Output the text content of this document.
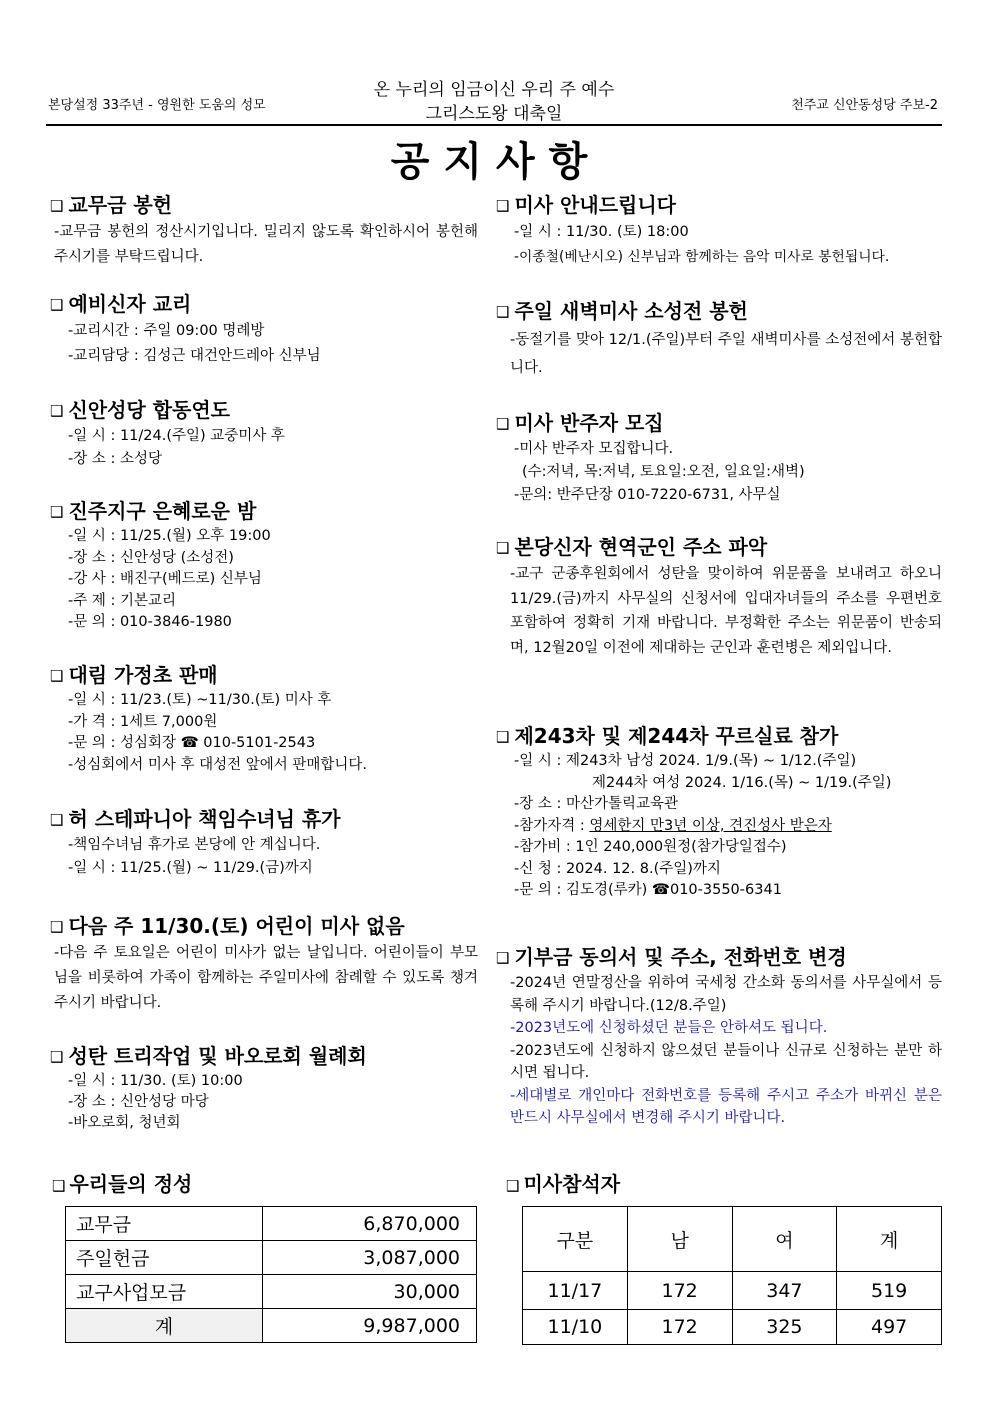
본당설정 33주년 - 영원한 도움의 성모
온 누리의 임금이신 우리 주 예수
그리스도왕 대축일	천주교 신안동성당 주보-2
공지사항
❑ 교무금 봉헌
-교무금 봉헌의 정산시기입니다. 밀리지 않도록 확인하시어 봉헌해 주시기를 부탁드립니다.
❑ 예비신자 교리
-교리시간 : 주일 09:00 명례방
-교리담당 : 김성근 대건안드레아 신부님
❑ 신안성당 합동연도
-일 시 : 11/24.(주일) 교중미사 후
-장 소 : 소성당
❑ 진주지구 은혜로운 밤
-일 시 : 11/25.(월) 오후 19:00
-장 소 : 신안성당 (소성전)
-강 사 : 배진구(베드로) 신부님
-주 제 : 기본교리
-문 의 : 010-3846-1980
❑ 대림 가정초 판매
-일 시 : 11/23.(토) ~11/30.(토) 미사 후
-가 격 : 1세트 7,000원
-문 의 : 성심회장 ☎ 010-5101-2543
-성심회에서 미사 후 대성전 앞에서 판매합니다.
❑ 허 스테파니아 책임수녀님 휴가
-책임수녀님 휴가로 본당에 안 계십니다.
-일 시 : 11/25.(월) ~ 11/29.(금)까지
❑ 다음 주 11/30.(토) 어린이 미사 없음
-다음 주 토요일은 어린이 미사가 없는 날입니다. 어린이들이 부모님을 비롯하여 가족이 함께하는 주일미사에 참례할 수 있도록 챙겨주시기 바랍니다.
❑ 성탄 트리작업 및 바오로회 월례회
-일 시 : 11/30. (토) 10:00
-장 소 : 신안성당 마당
-바오로회, 청년회
❑ 미사 안내드립니다
-일 시 : 11/30. (토) 18:00
-이종철(베난시오) 신부님과 함께하는 음악 미사로 봉헌됩니다.
❑ 주일 새벽미사 소성전 봉헌
-동절기를 맞아 12/1.(주일)부터 주일 새벽미사를 소성전에서 봉헌합니다.
❑ 미사 반주자 모집
-미사 반주자 모집합니다.
(수:저녁, 목:저녁, 토요일:오전, 일요일:새벽)
-문의: 반주단장 010-7220-6731, 사무실
❑ 본당신자 현역군인 주소 파악
-교구 군종후원회에서 성탄을 맞이하여 위문품을 보내려고 하오니 11/29.(금)까지 사무실의 신청서에 입대자녀들의 주소를 우편번호 포함하여 정확히 기재 바랍니다. 부정확한 주소는 위문품이 반송되며, 12월20일 이전에 제대하는 군인과 훈련병은 제외입니다.
❑ 제243차 및 제244차 꾸르실료 참가
-일 시 : 제243차 남성 2024. 1/9.(목) ~ 1/12.(주일)
제244차 여성 2024. 1/16.(목) ~ 1/19.(주일)
-장 소 : 마산가톨릭교육관
-참가자격 : 영세한지 만3년 이상, 견진성사 받은자
-참가비 : 1인 240,000원정(참가당일접수)
-신 청 : 2024. 12. 8.(주일)까지
-문 의 : 김도경(루카) ☎010-3550-6341
❑ 기부금 동의서 및 주소, 전화번호 변경
-2024년 연말정산을 위하여 국세청 간소화 동의서를 사무실에서 등록해 주시기 바랍니다.(12/8.주일)
-2023년도에 신청하셨던 분들은 안하셔도 됩니다.
-2023년도에 신청하지 않으셨던 분들이나 신규로 신청하는 분만 하시면 됩니다.
-세대별로 개인마다 전화번호를 등록해 주시고 주소가 바뀌신 분은 반드시 사무실에서 변경해 주시기 바랍니다.
❑ 우리들의 정성
교무금	6,870,000
주일헌금	3,087,000
교구사업모금	30,000
계	9,987,000
❑ 미사참석자
구분	남	여	계
11/17	172	347	519
11/10	172	325	497
